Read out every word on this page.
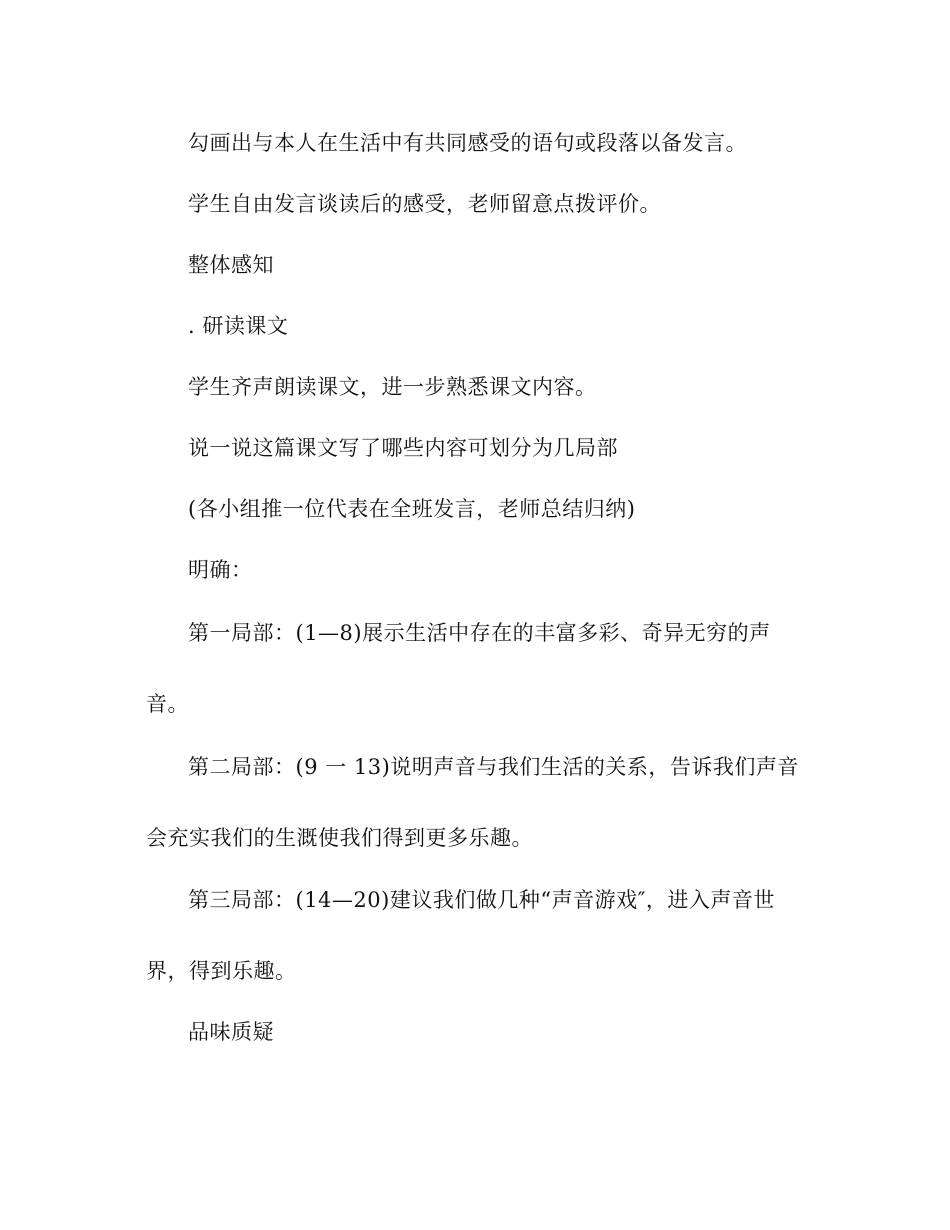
勾画出与本人在生活中有共同感受的语句或段落以备发言。
学生自由发言谈读后的感受，老师留意点拨评价。
整体感知
. 研读课文
学生齐声朗读课文，进一步熟悉课文内容。
说一说这篇课文写了哪些内容可划分为几局部
(各小组推一位代表在全班发言，老师总结归纳)
明确：
第一局部：(1—8)展示生活中存在的丰富多彩、奇异无穷的声
音。
第二局部：(9 一 13)说明声音与我们生活的关系，告诉我们声音
会充实我们的生溉使我们得到更多乐趣。
第三局部：(14—20)建议我们做几种“声音游戏″，进入声音世
界，得到乐趣。
品味质疑
